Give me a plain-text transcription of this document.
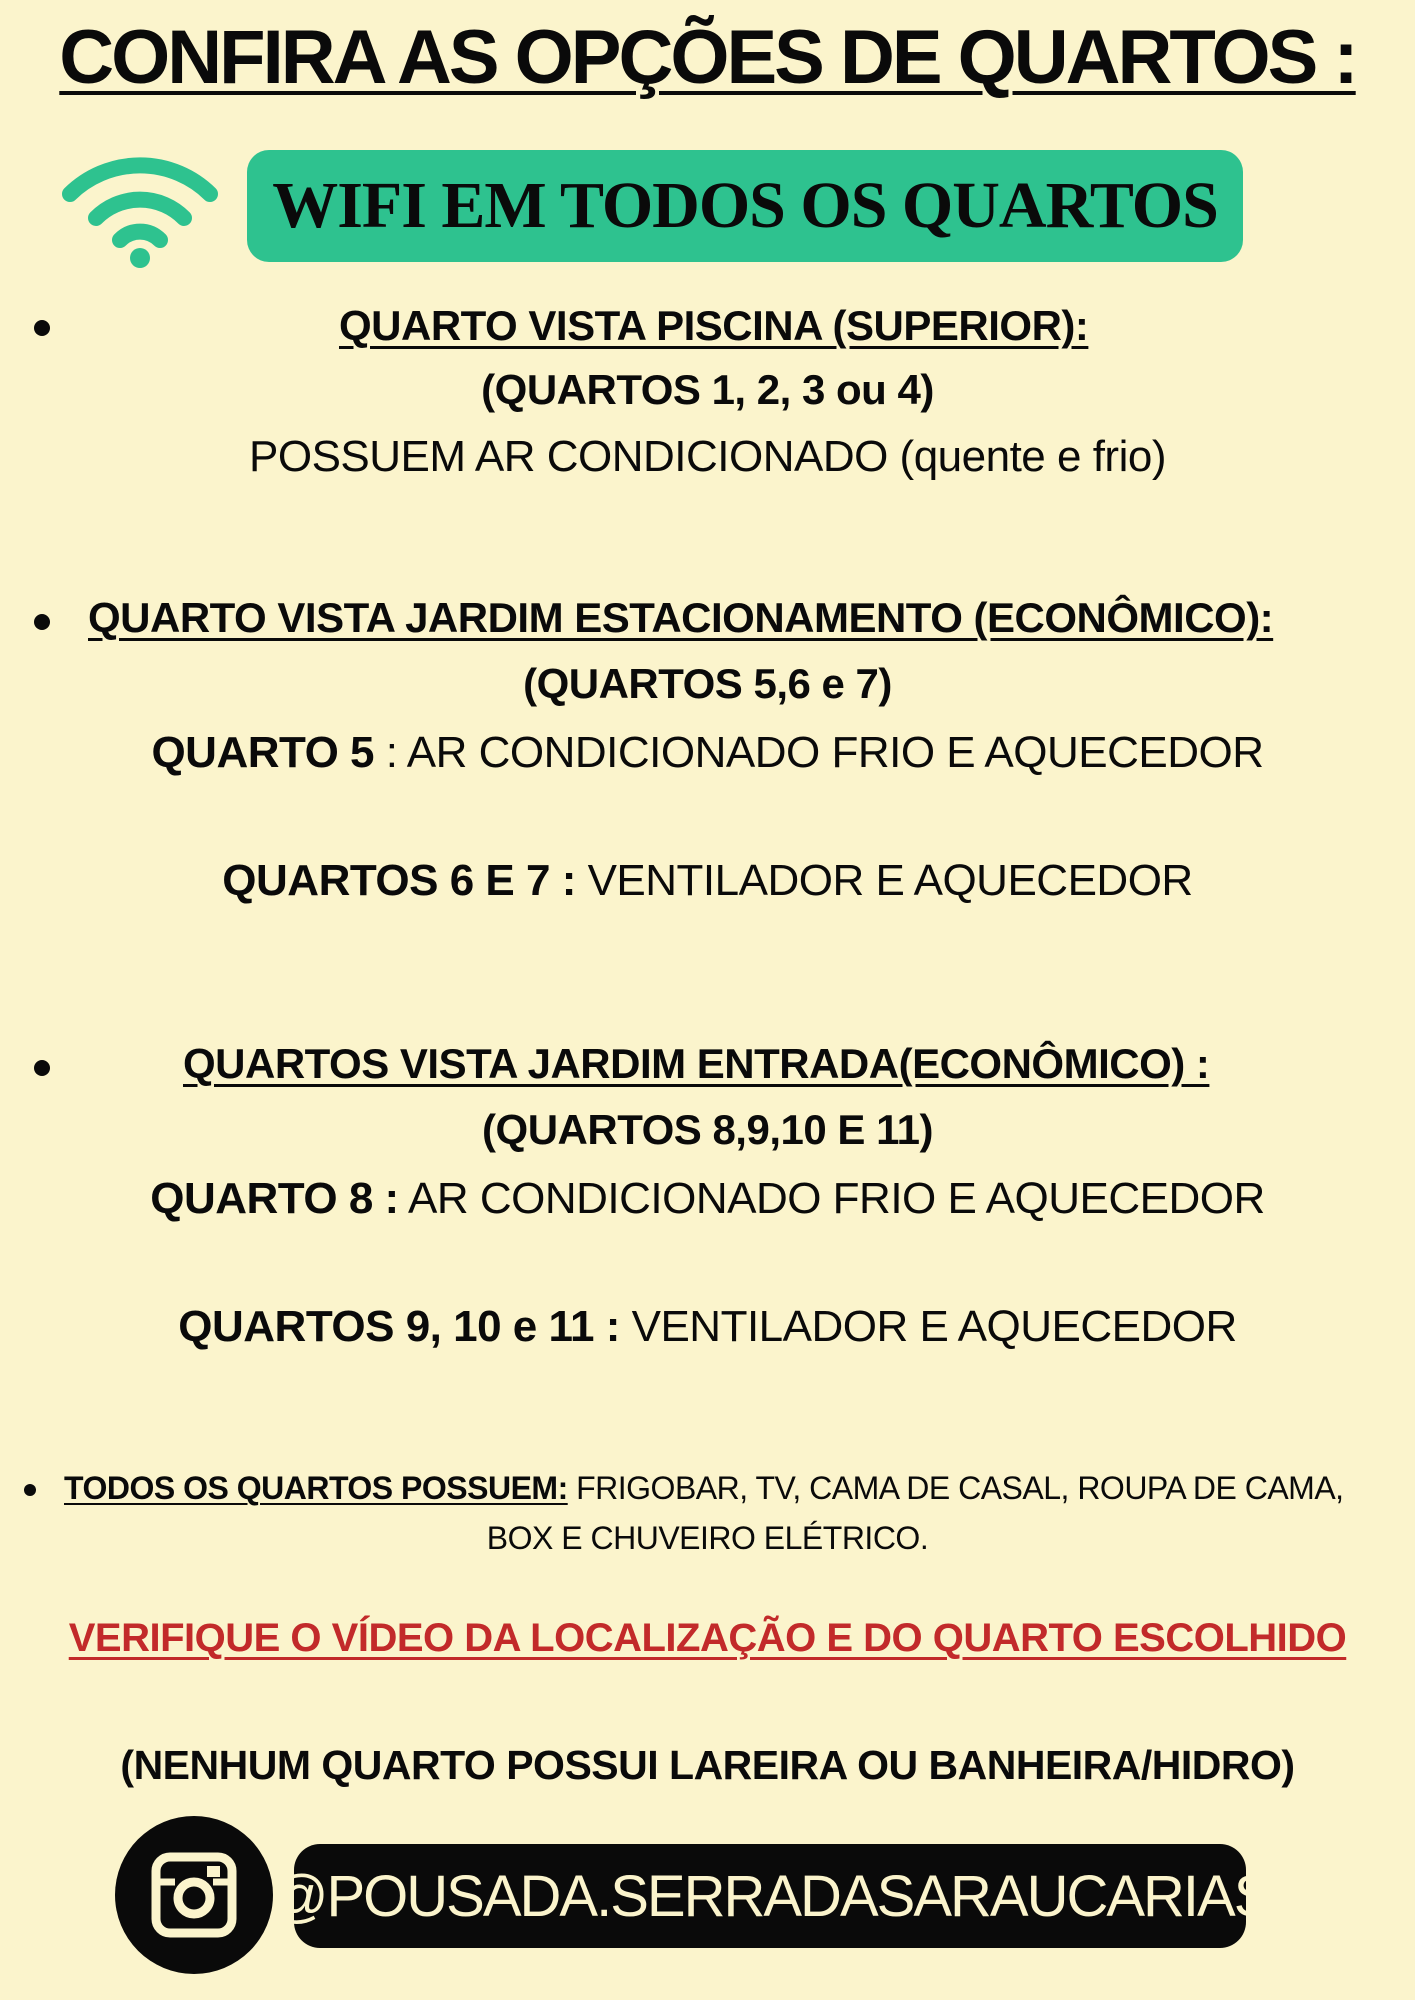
CONFIRA AS OPÇÕES DE QUARTOS :
WIFI EM TODOS OS QUARTOS
QUARTO VISTA PISCINA (SUPERIOR):
(QUARTOS 1, 2, 3 ou 4)
POSSUEM AR CONDICIONADO (quente e frio)
QUARTO VISTA JARDIM ESTACIONAMENTO (ECONÔMICO):
(QUARTOS 5,6 e 7)
QUARTO 5 : AR CONDICIONADO FRIO E AQUECEDOR
QUARTOS 6 E 7 : VENTILADOR E AQUECEDOR
QUARTOS VISTA JARDIM ENTRADA(ECONÔMICO) :
(QUARTOS 8,9,10 E 11)
QUARTO 8 : AR CONDICIONADO FRIO E AQUECEDOR
QUARTOS 9, 10 e 11 : VENTILADOR E AQUECEDOR
TODOS OS QUARTOS POSSUEM: FRIGOBAR, TV, CAMA DE CASAL, ROUPA DE CAMA,
BOX E CHUVEIRO ELÉTRICO.
VERIFIQUE O VÍDEO DA LOCALIZAÇÃO E DO QUARTO ESCOLHIDO
(NENHUM QUARTO POSSUI LAREIRA OU BANHEIRA/HIDRO)
@POUSADA.SERRADASARAUCARIAS
